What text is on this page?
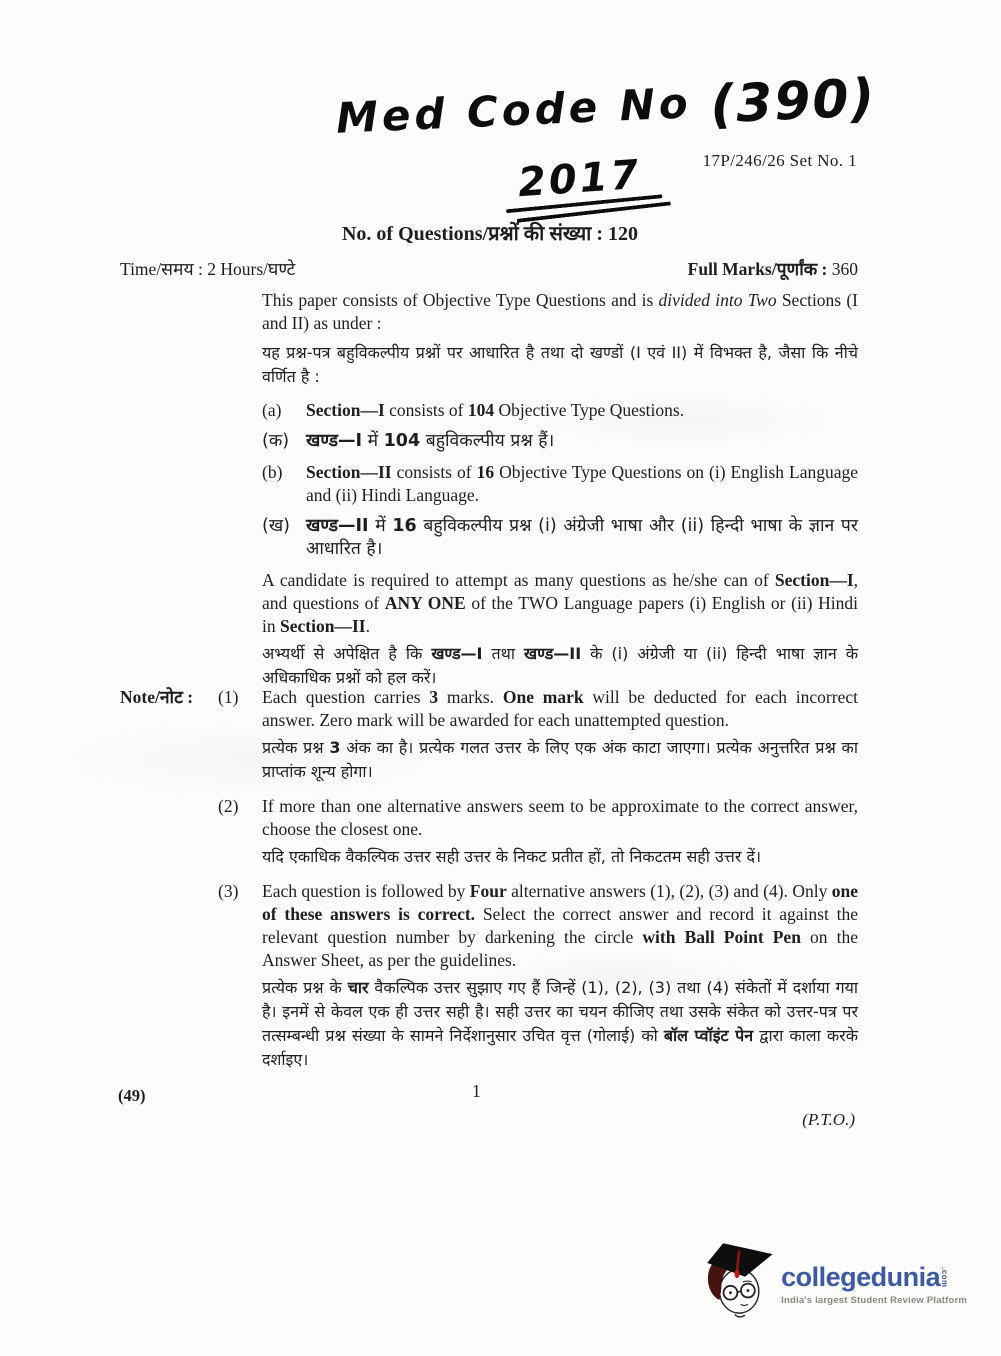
Med Code No (390)
2017	17P/246/26 Set No. 1
No. of Questions/प्रश्नों की संख्या : 120
Time/समय : 2 Hours/घण्टे	Full Marks/पूर्णांक : 360

This paper consists of Objective Type Questions and is divided into Two Sections (I and II) as under :

यह प्रश्न-पत्र बहुविकल्पीय प्रश्नों पर आधारित है तथा दो खण्डों (I एवं II) में विभक्त है, जैसा कि नीचे वर्णित है :

(a)	Section—I consists of 104 Objective Type Questions.
(क) खण्ड—I में 104 बहुविकल्पीय प्रश्न हैं।
(b)	Section—II consists of 16 Objective Type Questions on (i) English Language and (ii) Hindi Language.
(ख) खण्ड—II में 16 बहुविकल्पीय प्रश्न (i) अंग्रेजी भाषा और (ii) हिन्दी भाषा के ज्ञान पर आधारित है।

A candidate is required to attempt as many questions as he/she can of Section—I, and questions of ANY ONE of the TWO Language papers (i) English or (ii) Hindi in Section—II.

अभ्यर्थी से अपेक्षित है कि खण्ड—I तथा खण्ड—II के (i) अंग्रेजी या (ii) हिन्दी भाषा ज्ञान के अधिकाधिक प्रश्नों को हल करें।

Note/नोट :	(1)	Each question carries 3 marks. One mark will be deducted for each incorrect answer. Zero mark will be awarded for each unattempted question.

प्रत्येक प्रश्न 3 अंक का है। प्रत्येक गलत उत्तर के लिए एक अंक काटा जाएगा। प्रत्येक अनुत्तरित प्रश्न का प्राप्तांक शून्य होगा।

(2)	If more than one alternative answers seem to be approximate to the correct answer, choose the closest one.

यदि एकाधिक वैकल्पिक उत्तर सही उत्तर के निकट प्रतीत हों, तो निकटतम सही उत्तर दें।

(3)	Each question is followed by Four alternative answers (1), (2), (3) and (4). Only one of these answers is correct. Select the correct answer and record it against the relevant question number by darkening the circle with Ball Point Pen on the Answer Sheet, as per the guidelines.

प्रत्येक प्रश्न के चार वैकल्पिक उत्तर सुझाए गए हैं जिन्हें (1), (2), (3) तथा (4) संकेतों में दर्शाया गया है। इनमें से केवल एक ही उत्तर सही है। सही उत्तर का चयन कीजिए तथा उसके संकेत को उत्तर-पत्र पर तत्सम्बन्धी प्रश्न संख्या के सामने निर्देशानुसार उचित वृत्त (गोलाई) को बॉल प्वॉइंट पेन द्वारा काला करके दर्शाइए।

(49)	1
(P.T.O.)
collegedunia .com
India's largest Student Review Platform
